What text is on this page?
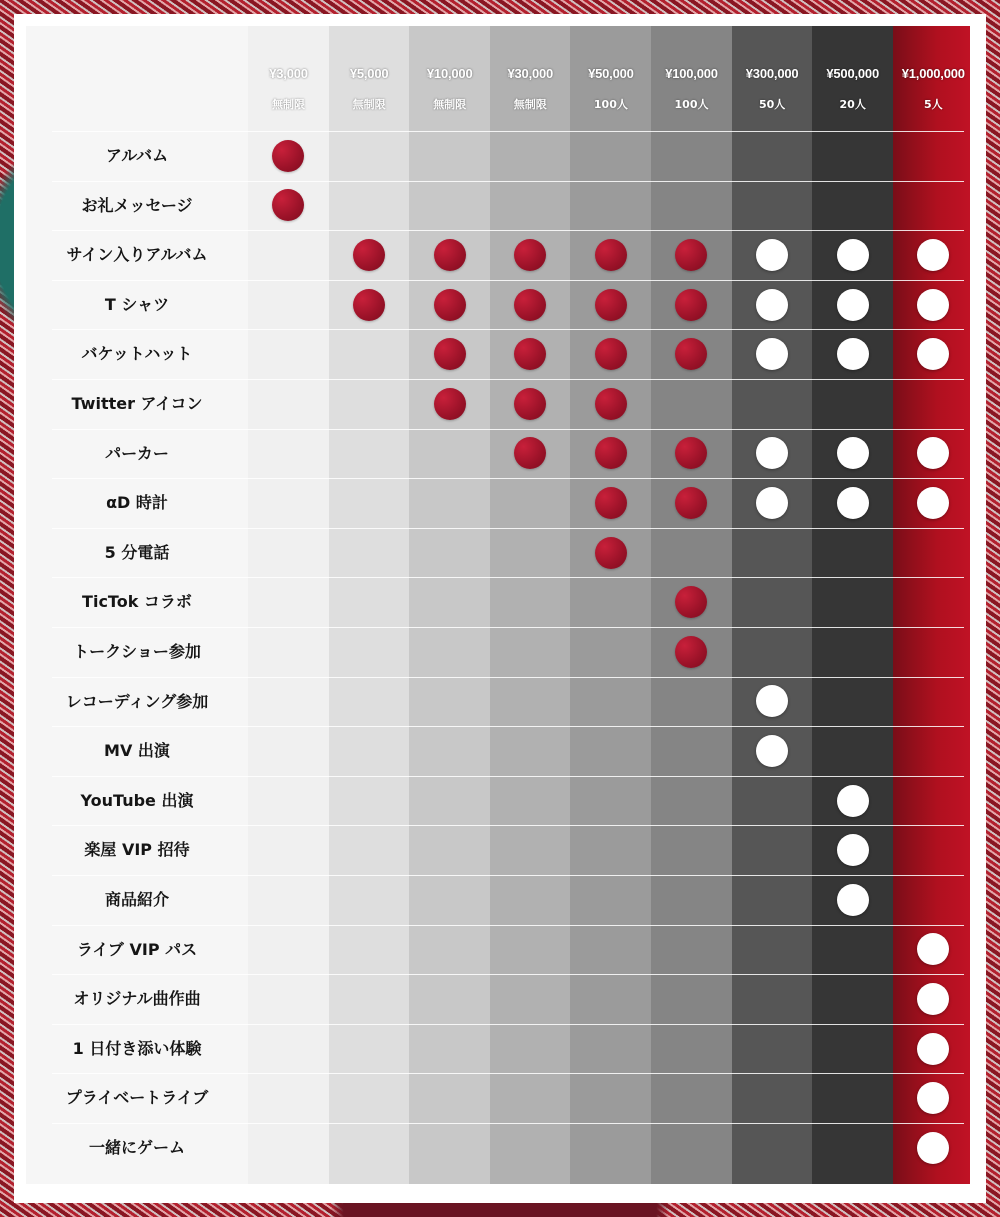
¥3,000
無制限
¥5,000
無制限
¥10,000
無制限
¥30,000
無制限
¥50,000
100人
¥100,000
100人
¥300,000
50人
¥500,000
20人
¥1,000,000
5人
アルバム
お礼メッセージ
サイン入りアルバム
T シャツ
バケットハット
Twitter アイコン
パーカー
αD 時計
5 分電話
TicTok コラボ
トークショー参加
レコーディング参加
MV 出演
YouTube 出演
楽屋 VIP 招待
商品紹介
ライブ VIP パス
オリジナル曲作曲
1 日付き添い体験
プライベートライブ
一緒にゲーム
